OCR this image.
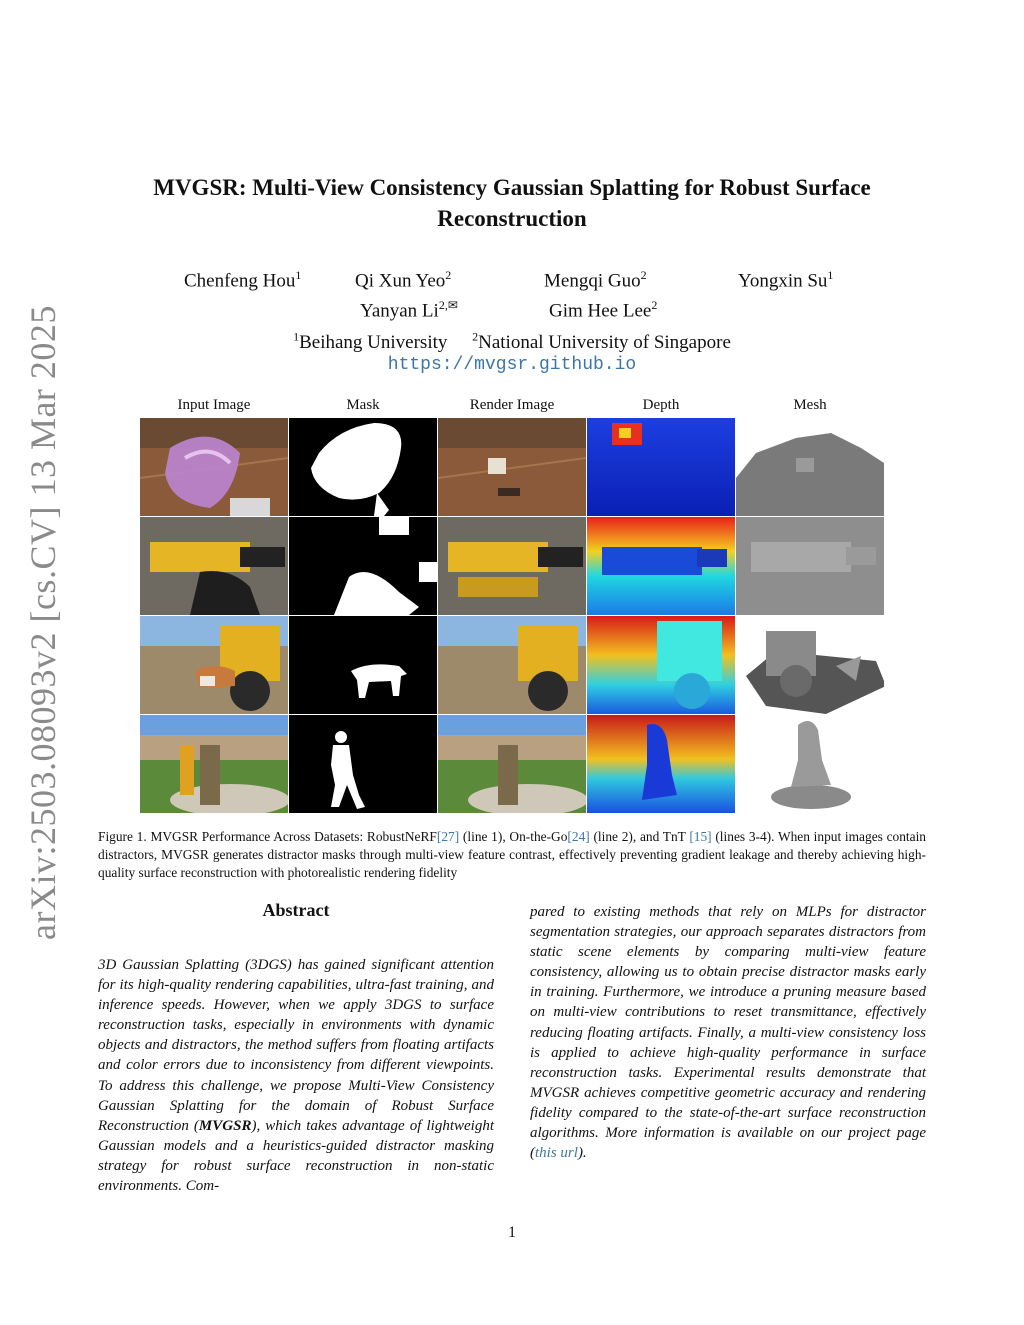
arXiv:2503.08093v2 [cs.CV] 13 Mar 2025
MVGSR: Multi-View Consistency Gaussian Splatting for Robust Surface Reconstruction
Chenfeng Hou$^1$	Qi Xun Yeo$^2$	Mengqi Guo$^2$	Yongxin Su$^1$
Yanyan $Li^{2,✉}$	Gim Hee Lee$^2$
$^1$Beihang University $^2$National University of Singapore
https://mvgsr.github.io
Input Image	Mask	Render Image	Depth	Mesh
Figure 1. MVGSR Performance Across Datasets: RobustNeRF[27] (line 1), On-the-Go[24] (line 2), and TnT [15] (lines 3-4). When input images contain distractors, MVGSR generates distractor masks through multi-view feature contrast, effectively preventing gradient leakage and thereby achieving high-quality surface reconstruction with photorealistic rendering fidelity
Abstract
3D Gaussian Splatting (3DGS) has gained significant attention for its high-quality rendering capabilities, ultra-fast training, and inference speeds. However, when we apply 3DGS to surface reconstruction tasks, especially in environments with dynamic objects and distractors, the method suffers from floating artifacts and color errors due to inconsistency from different viewpoints. To address this challenge, we propose Multi-View Consistency Gaussian Splatting for the domain of Robust Surface Reconstruction (MVGSR), which takes advantage of lightweight Gaussian models and a heuristics-guided distractor masking strategy for robust surface reconstruction in non-static environments. Com-
pared to existing methods that rely on MLPs for distractor segmentation strategies, our approach separates distractors from static scene elements by comparing multi-view feature consistency, allowing us to obtain precise distractor masks early in training. Furthermore, we introduce a pruning measure based on multi-view contributions to reset transmittance, effectively reducing floating artifacts. Finally, a multi-view consistency loss is applied to achieve high-quality performance in surface reconstruction tasks. Experimental results demonstrate that MVGSR achieves competitive geometric accuracy and rendering fidelity compared to the state-of-the-art surface reconstruction algorithms. More information is available on our project page (this url).
1
